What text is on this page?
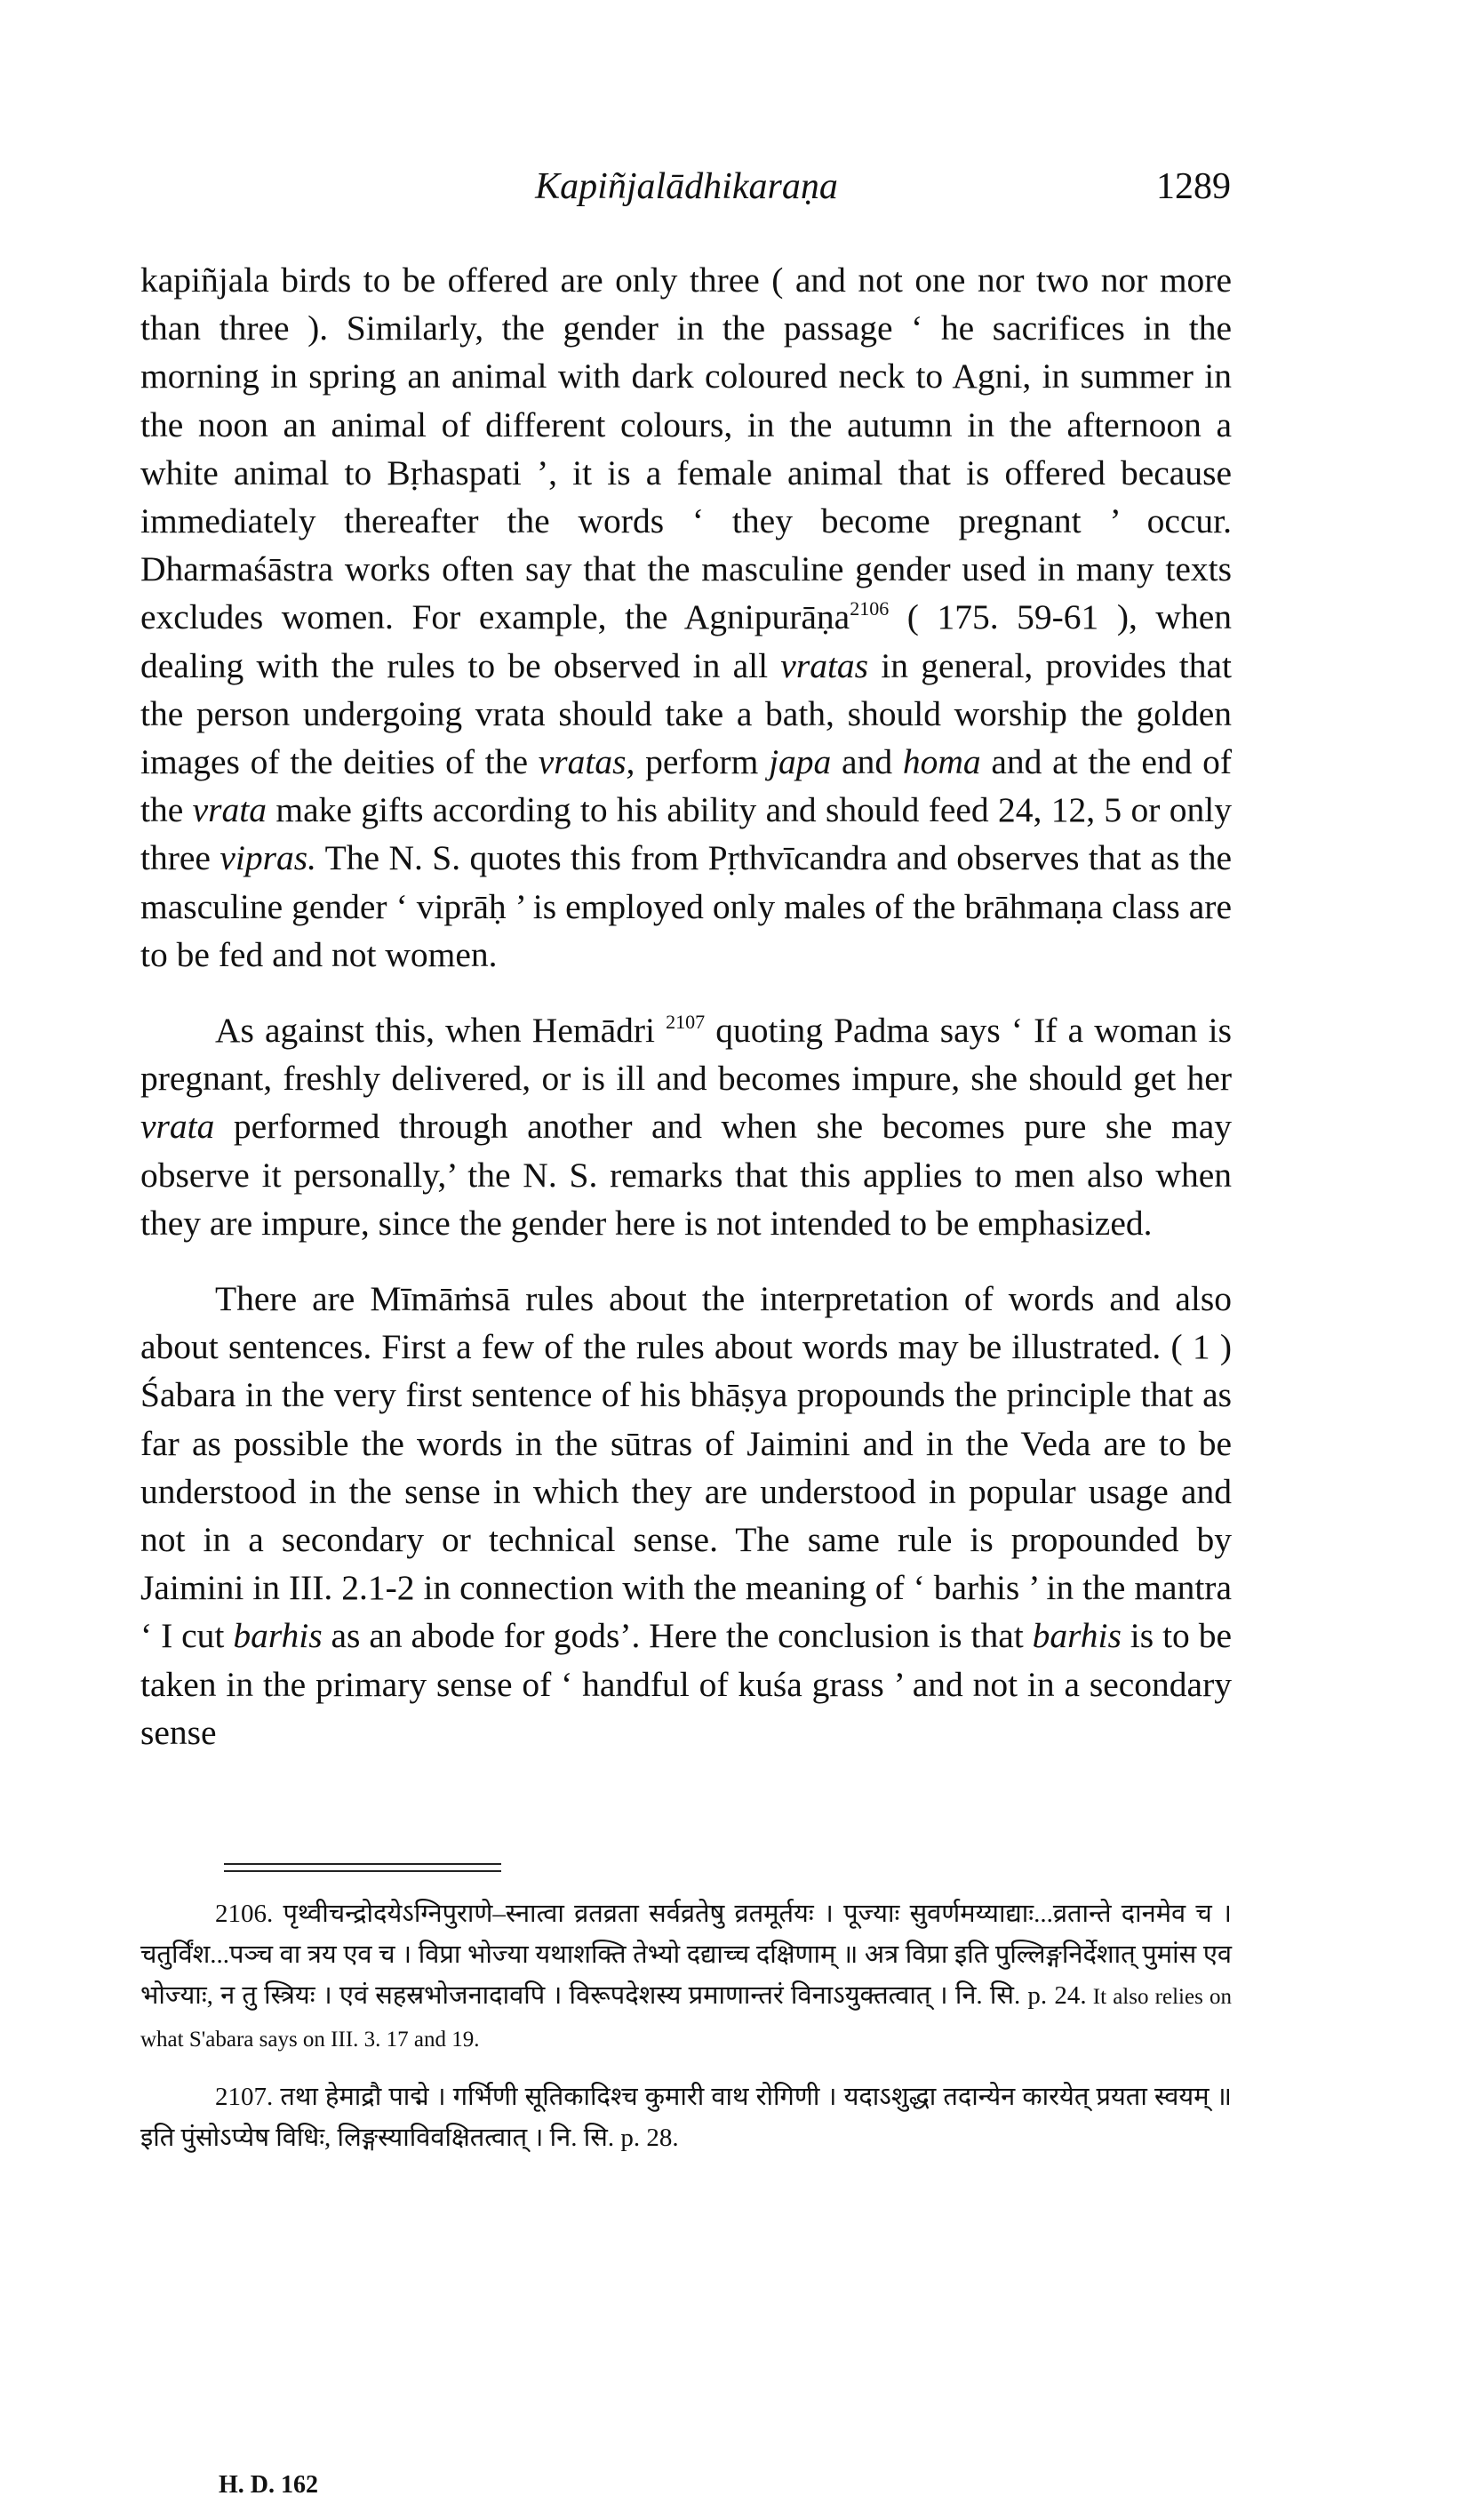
Kapiñjalādhikaraṇa	1289

kapiñjala birds to be offered are only three ( and not one nor two nor more than three ). Similarly, the gender in the passage ‘ he sacrifices in the morning in spring an animal with dark coloured neck to Agni, in summer in the noon an animal of different colours, in the autumn in the afternoon a white animal to Bṛhaspati ’, it is a female animal that is offered because immediately thereafter the words ‘ they become pregnant ’ occur. Dharmaśāstra works often say that the masculine gender used in many texts excludes women. For example, the Agnipurāṇa$^{2106}$ ( 175. 59-61 ), when dealing with the rules to be observed in all vratas in general, provides that the person undergoing vrata should take a bath, should worship the golden images of the deities of the vratas, perform japa and homa and at the end of the vrata make gifts according to his ability and should feed 24, 12, 5 or only three vipras. The N. S. quotes this from Pṛthvīcandra and observes that as the masculine gender ‘ viprāḥ ’ is employed only males of the brāhmaṇa class are to be fed and not women.

As against this, when Hemādri $^{2107}$ quoting Padma says ‘ If a woman is pregnant, freshly delivered, or is ill and becomes impure, she should get her vrata performed through another and when she becomes pure she may observe it personally,’ the N. S. remarks that this applies to men also when they are impure, since the gender here is not intended to be emphasized.

There are Mīmāṁsā rules about the interpretation of words and also about sentences. First a few of the rules about words may be illustrated. ( 1 ) Śabara in the very first sentence of his bhāṣya propounds the principle that as far as possible the words in the sūtras of Jaimini and in the Veda are to be understood in the sense in which they are understood in popular usage and not in a secondary or technical sense. The same rule is propounded by Jaimini in III. 2.1-2 in connection with the meaning of ‘ barhis ’ in the mantra ‘ I cut barhis as an abode for gods’. Here the conclusion is that barhis is to be taken in the primary sense of ‘ handful of kuśa grass ’ and not in a secondary sense

2106. पृथ्वीचन्द्रोदयेऽग्निपुराणे–स्नात्वा व्रतव्रता सर्वव्रतेषु व्रतमूर्तयः । पूज्याः सुवर्णमय्याद्याः...व्रतान्ते दानमेव च । चतुर्विंश...पञ्च वा त्रय एव च । विप्रा भोज्या यथाशक्ति तेभ्यो दद्याच्च दक्षिणाम् ॥ अत्र विप्रा इति पुल्लिङ्गनिर्देशात् पुमांस एव भोज्याः, न तु स्त्रियः । एवं सहस्रभोजनादावपि । विरूपदेशस्य प्रमाणान्तरं विनाऽयुक्तत्वात् । नि. सि. p. 24. It also relies on what S'abara says on III. 3. 17 and 19.

2107. तथा हेमाद्रौ पाद्मे । गर्भिणी सूतिकादिश्च कुमारी वाथ रोगिणी । यदाऽशुद्धा तदान्येन कारयेत् प्रयता स्वयम् ॥ इति पुंसोऽप्येष विधिः, लिङ्गस्याविवक्षितत्वात् । नि. सि. p. 28.

H. D. 162
